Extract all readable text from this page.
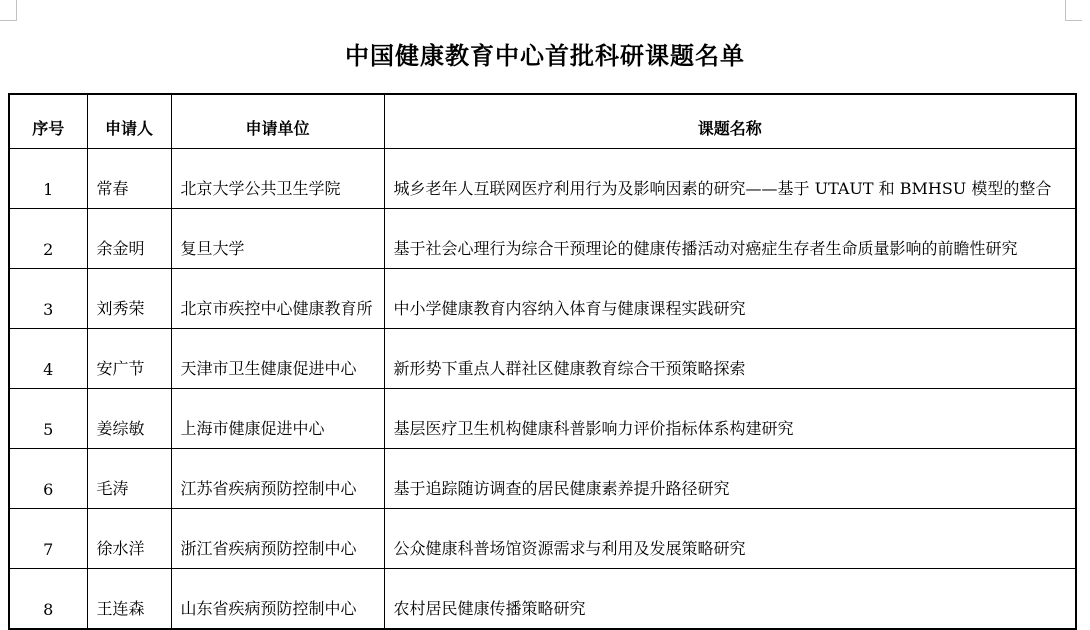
中国健康教育中心首批科研课题名单
序号	申请人	申请单位	课题名称
1	常春	北京大学公共卫生学院	城乡老年人互联网医疗利用行为及影响因素的研究——基于 UTAUT 和 BMHSU 模型的整合
2	余金明	复旦大学	基于社会心理行为综合干预理论的健康传播活动对癌症生存者生命质量影响的前瞻性研究
3	刘秀荣	北京市疾控中心健康教育所	中小学健康教育内容纳入体育与健康课程实践研究
4	安广节	天津市卫生健康促进中心	新形势下重点人群社区健康教育综合干预策略探索
5	姜综敏	上海市健康促进中心	基层医疗卫生机构健康科普影响力评价指标体系构建研究
6	毛涛	江苏省疾病预防控制中心	基于追踪随访调查的居民健康素养提升路径研究
7	徐水洋	浙江省疾病预防控制中心	公众健康科普场馆资源需求与利用及发展策略研究
8	王连森	山东省疾病预防控制中心	农村居民健康传播策略研究
